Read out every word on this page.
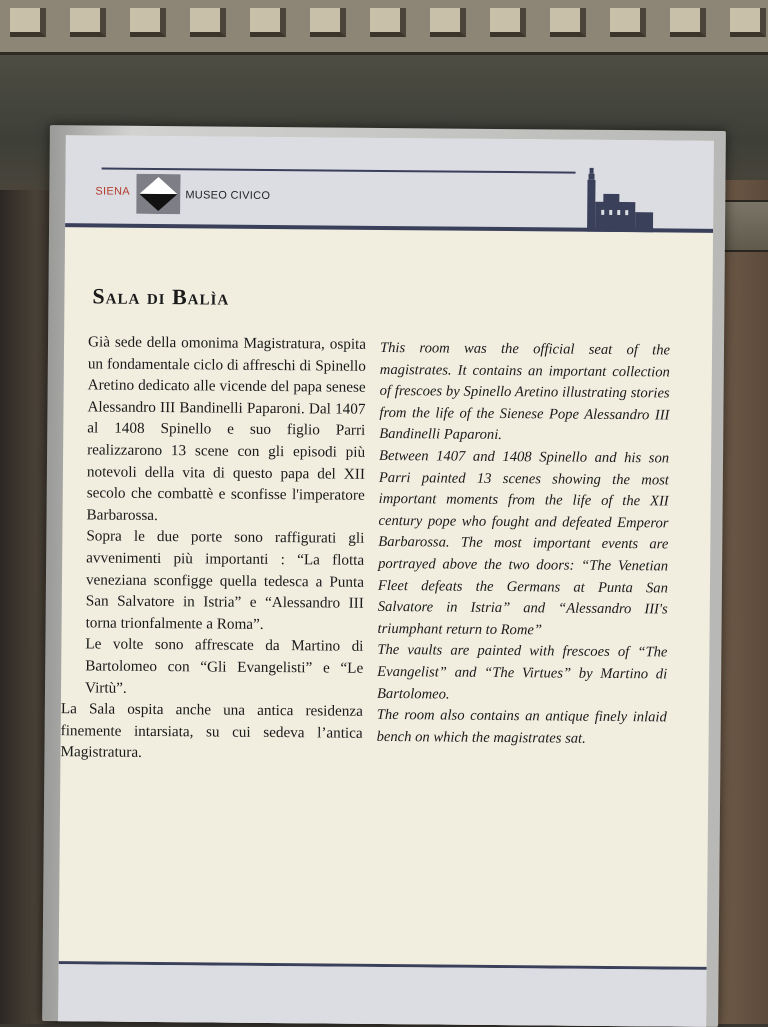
SIENA	MUSEO CIVICO
Sala di Balìa

Già sede della omonima Magistratura, ospita un fondamentale ciclo di affreschi di Spinello Aretino dedicato alle vicende del papa senese Alessandro III Bandinelli Paparoni. Dal 1407 al 1408 Spinello e suo figlio Parri realizzarono 13 scene con gli episodi più notevoli della vita di questo papa del XII secolo che combattè e sconfisse l'imperatore Barbarossa.

Sopra le due porte sono raffigurati gli avvenimenti più importanti : “La flotta veneziana sconfigge quella tedesca a Punta San Salvatore in Istria” e “Alessandro III torna trionfalmente a Roma”.

Le volte sono affrescate da Martino di Bartolomeo con “Gli Evangelisti” e “Le Virtù”.

La Sala ospita anche una antica residenza finemente intarsiata, su cui sedeva l’antica Magistratura.

This room was the official seat of the magistrates. It contains an important collection of frescoes by Spinello Aretino illustrating stories from the life of the Sienese Pope Alessandro III Bandinelli Paparoni.

Between 1407 and 1408 Spinello and his son Parri painted 13 scenes showing the most important moments from the life of the XII century pope who fought and defeated Emperor Barbarossa. The most important events are portrayed above the two doors: “The Venetian Fleet defeats the Germans at Punta San Salvatore in Istria” and “Alessandro III's triumphant return to Rome”

The vaults are painted with frescoes of “The Evangelist” and “The Virtues” by Martino di Bartolomeo.

The room also contains an antique finely inlaid bench on which the magistrates sat.
